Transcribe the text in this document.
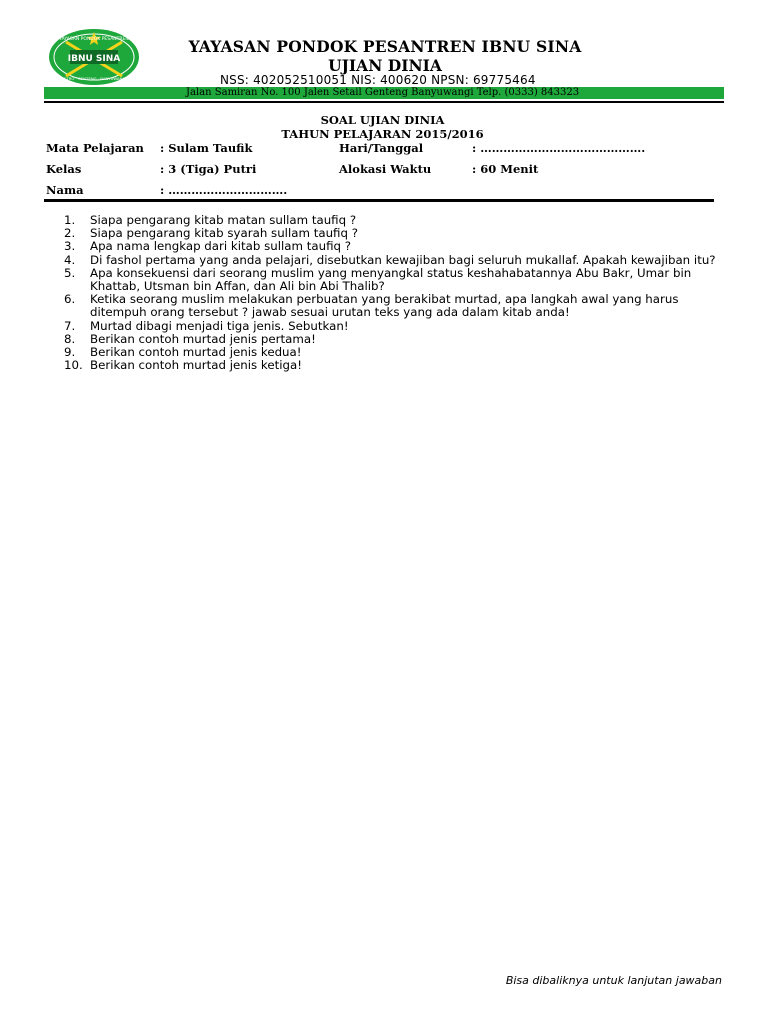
YAYASAN PONDOK PESANTREN
IBNU SINA
SETRO · GENTENG · BANYUWANGI
YAYASAN PONDOK PESANTREN IBNU SINA
UJIAN DINIA
NSS: 402052510051 NIS: 400620 NPSN: 69775464
Jalan Samiran No. 100 Jalen Setail Genteng Banyuwangi Telp. (0333) 843323
SOAL UJIAN DINIA
TAHUN PELAJARAN 2015/2016
Mata Pelajaran : Sulam Taufik	Hari/Tanggal	: …………………………………….
Kelas	: 3 (Tiga) Putri	Alokasi Waktu	: 60 Menit
Nama	: ………………………….
1.	Siapa pengarang kitab matan sullam taufiq ?
2.	Siapa pengarang kitab syarah sullam taufiq ?
3.	Apa nama lengkap dari kitab sullam taufiq ?
4.	Di fashol pertama yang anda pelajari, disebutkan kewajiban bagi seluruh mukallaf. Apakah kewajiban itu?
5.	Apa konsekuensi dari seorang muslim yang menyangkal status keshahabatannya Abu Bakr, Umar bin Khattab, Utsman bin Affan, dan Ali bin Abi Thalib?
6.	Ketika seorang muslim melakukan perbuatan yang berakibat murtad, apa langkah awal yang harus ditempuh orang tersebut ? jawab sesuai urutan teks yang ada dalam kitab anda!
7.	Murtad dibagi menjadi tiga jenis. Sebutkan!
8.	Berikan contoh murtad jenis pertama!
9.	Berikan contoh murtad jenis kedua!
10. Berikan contoh murtad jenis ketiga!
Bisa dibaliknya untuk lanjutan jawaban
